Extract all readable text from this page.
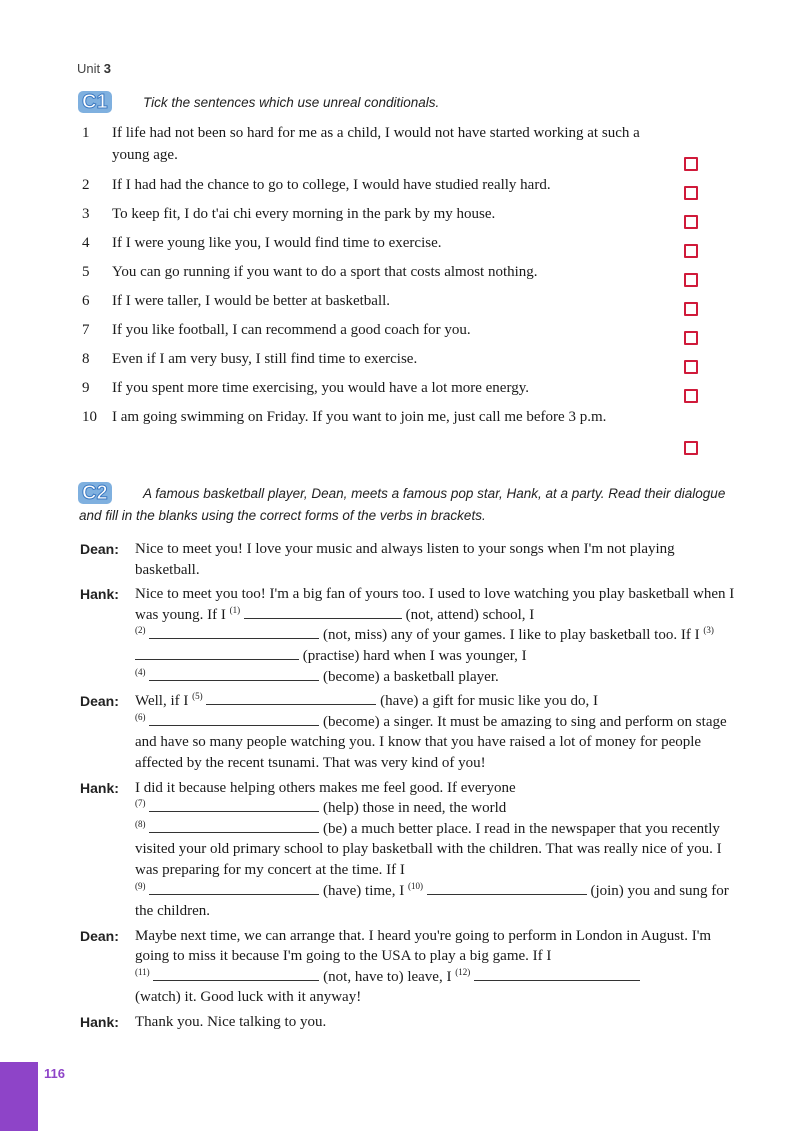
Unit 3
C1	Tick the sentences which use unreal conditionals.
1	If life had not been so hard for me as a child, I would not have started working at such a young age.
2	If I had had the chance to go to college, I would have studied really hard.
3	To keep fit, I do t'ai chi every morning in the park by my house.
4	If I were young like you, I would find time to exercise.
5	You can go running if you want to do a sport that costs almost nothing.
6	If I were taller, I would be better at basketball.
7	If you like football, I can recommend a good coach for you.
8	Even if I am very busy, I still find time to exercise.
9	If you spent more time exercising, you would have a lot more energy.
10	I am going swimming on Friday. If you want to join me, just call me before 3 p.m.
C2	A famous basketball player, Dean, meets a famous pop star, Hank, at a party. Read their dialogue and fill in the blanks using the correct forms of the verbs in brackets.
Dean:	Nice to meet you! I love your music and always listen to your songs when I'm not playing basketball.
Hank:	Nice to meet you too! I'm a big fan of yours too. I used to love watching you play basketball when I was young. If I $^{(1)}$	(not, attend) school, I
$^{(2)}$	(not, miss) any of your games. I like to play basketball too. If I $^{(3)}$  (practise) hard when I was younger, I
$^{(4)}$	(become) a basketball player.
Dean:	Well, if I $^{(5)}$	(have) a gift for music like you do, I
$^{(6)}$	(become) a singer. It must be amazing to sing and perform on stage and have so many people watching you. I know that you have raised a lot of money for people affected by the recent tsunami. That was very kind of you!
Hank:	I did it because helping others makes me feel good. If everyone
$^{(7)}$	(help) those in need, the world
$^{(8)}$	(be) a much better place. I read in the newspaper that you recently visited your old primary school to play basketball with the children. That was really nice of you. I was preparing for my concert at the time. If I
$^{(9)}$	(have) time, I $^{(10)}$	(join) you and sung for the children.
Dean:	Maybe next time, we can arrange that. I heard you're going to perform in London in August. I'm going to miss it because I'm going to the USA to play a big game. If I
$^{(11)}$	(not, have to) leave, I $^{(12)}$
(watch) it. Good luck with it anyway!
Hank:	Thank you. Nice talking to you.
116
